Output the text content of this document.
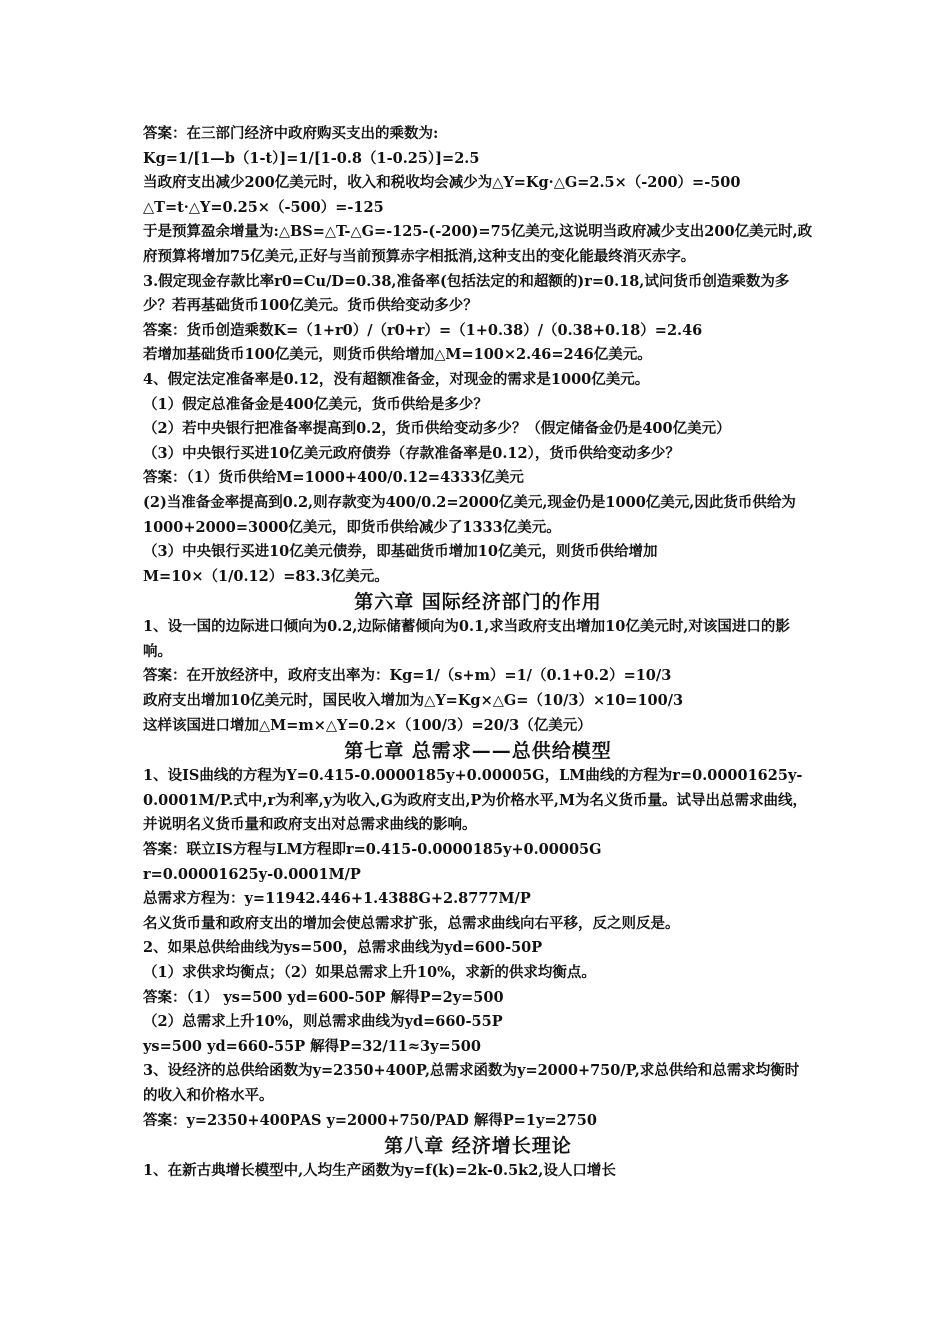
答案：在三部门经济中政府购买支出的乘数为:

Kg=1/[1—b（1-t）]=1/[1-0.8（1-0.25）]=2.5

当政府支出减少200亿美元时，收入和税收均会减少为△Y=Kg·△G=2.5×（-200）=-500

△T=t·△Y=0.25×（-500）=-125

于是预算盈余增量为:△BS=△T-△G=-125-(-200)=75亿美元,这说明当政府减少支出200亿美元时,政府预算将增加75亿美元,正好与当前预算赤字相抵消,这种支出的变化能最终消灭赤字。

3.假定现金存款比率r0=Cu/D=0.38,准备率(包括法定的和超额的)r=0.18,试问货币创造乘数为多少？若再基础货币100亿美元。货币供给变动多少？

答案：货币创造乘数K=（1+r0）/（r0+r）=（1+0.38）/（0.38+0.18）=2.46

若增加基础货币100亿美元，则货币供给增加△M=100×2.46=246亿美元。

4、假定法定准备率是0.12，没有超额准备金，对现金的需求是1000亿美元。

（1）假定总准备金是400亿美元，货币供给是多少？

（2）若中央银行把准备率提高到0.2，货币供给变动多少？（假定储备金仍是400亿美元）

（3）中央银行买进10亿美元政府债券（存款准备率是0.12），货币供给变动多少？

答案：（1）货币供给M=1000+400/0.12=4333亿美元

(2)当准备金率提高到0.2,则存款变为400/0.2=2000亿美元,现金仍是1000亿美元,因此货币供给为1000+2000=3000亿美元，即货币供给减少了1333亿美元。

（3）中央银行买进10亿美元债券，即基础货币增加10亿美元，则货币供给增加

M=10×（1/0.12）=83.3亿美元。

第六章 国际经济部门的作用

1、设一国的边际进口倾向为0.2,边际储蓄倾向为0.1,求当政府支出增加10亿美元时,对该国进口的影响。

答案：在开放经济中，政府支出率为：Kg=1/（s+m）=1/（0.1+0.2）=10/3

政府支出增加10亿美元时，国民收入增加为△Y=Kg×△G=（10/3）×10=100/3

这样该国进口增加△M=m×△Y=0.2×（100/3）=20/3（亿美元）

第七章 总需求——总供给模型

1、设IS曲线的方程为Y=0.415-0.0000185y+0.00005G，LM曲线的方程为r=0.00001625y-0.0001M/P.式中,r为利率,y为收入,G为政府支出,P为价格水平,M为名义货币量。试导出总需求曲线，并说明名义货币量和政府支出对总需求曲线的影响。

答案：联立IS方程与LM方程即r=0.415-0.0000185y+0.00005G

r=0.00001625y-0.0001M/P

总需求方程为：y=11942.446+1.4388G+2.8777M/P

名义货币量和政府支出的增加会使总需求扩张，总需求曲线向右平移，反之则反是。

2、如果总供给曲线为ys=500，总需求曲线为yd=600-50P

（1）求供求均衡点；（2）如果总需求上升10%，求新的供求均衡点。

答案：（1） ys=500 yd=600-50P 解得P=2y=500

（2）总需求上升10%，则总需求曲线为yd=660-55P

ys=500 yd=660-55P 解得P=32/11≈3y=500

3、设经济的总供给函数为y=2350+400P,总需求函数为y=2000+750/P,求总供给和总需求均衡时的收入和价格水平。

答案：y=2350+400PAS y=2000+750/PAD 解得P=1y=2750

第八章 经济增长理论

1、在新古典增长模型中,人均生产函数为y=f(k)=2k-0.5k2,设人口增长
